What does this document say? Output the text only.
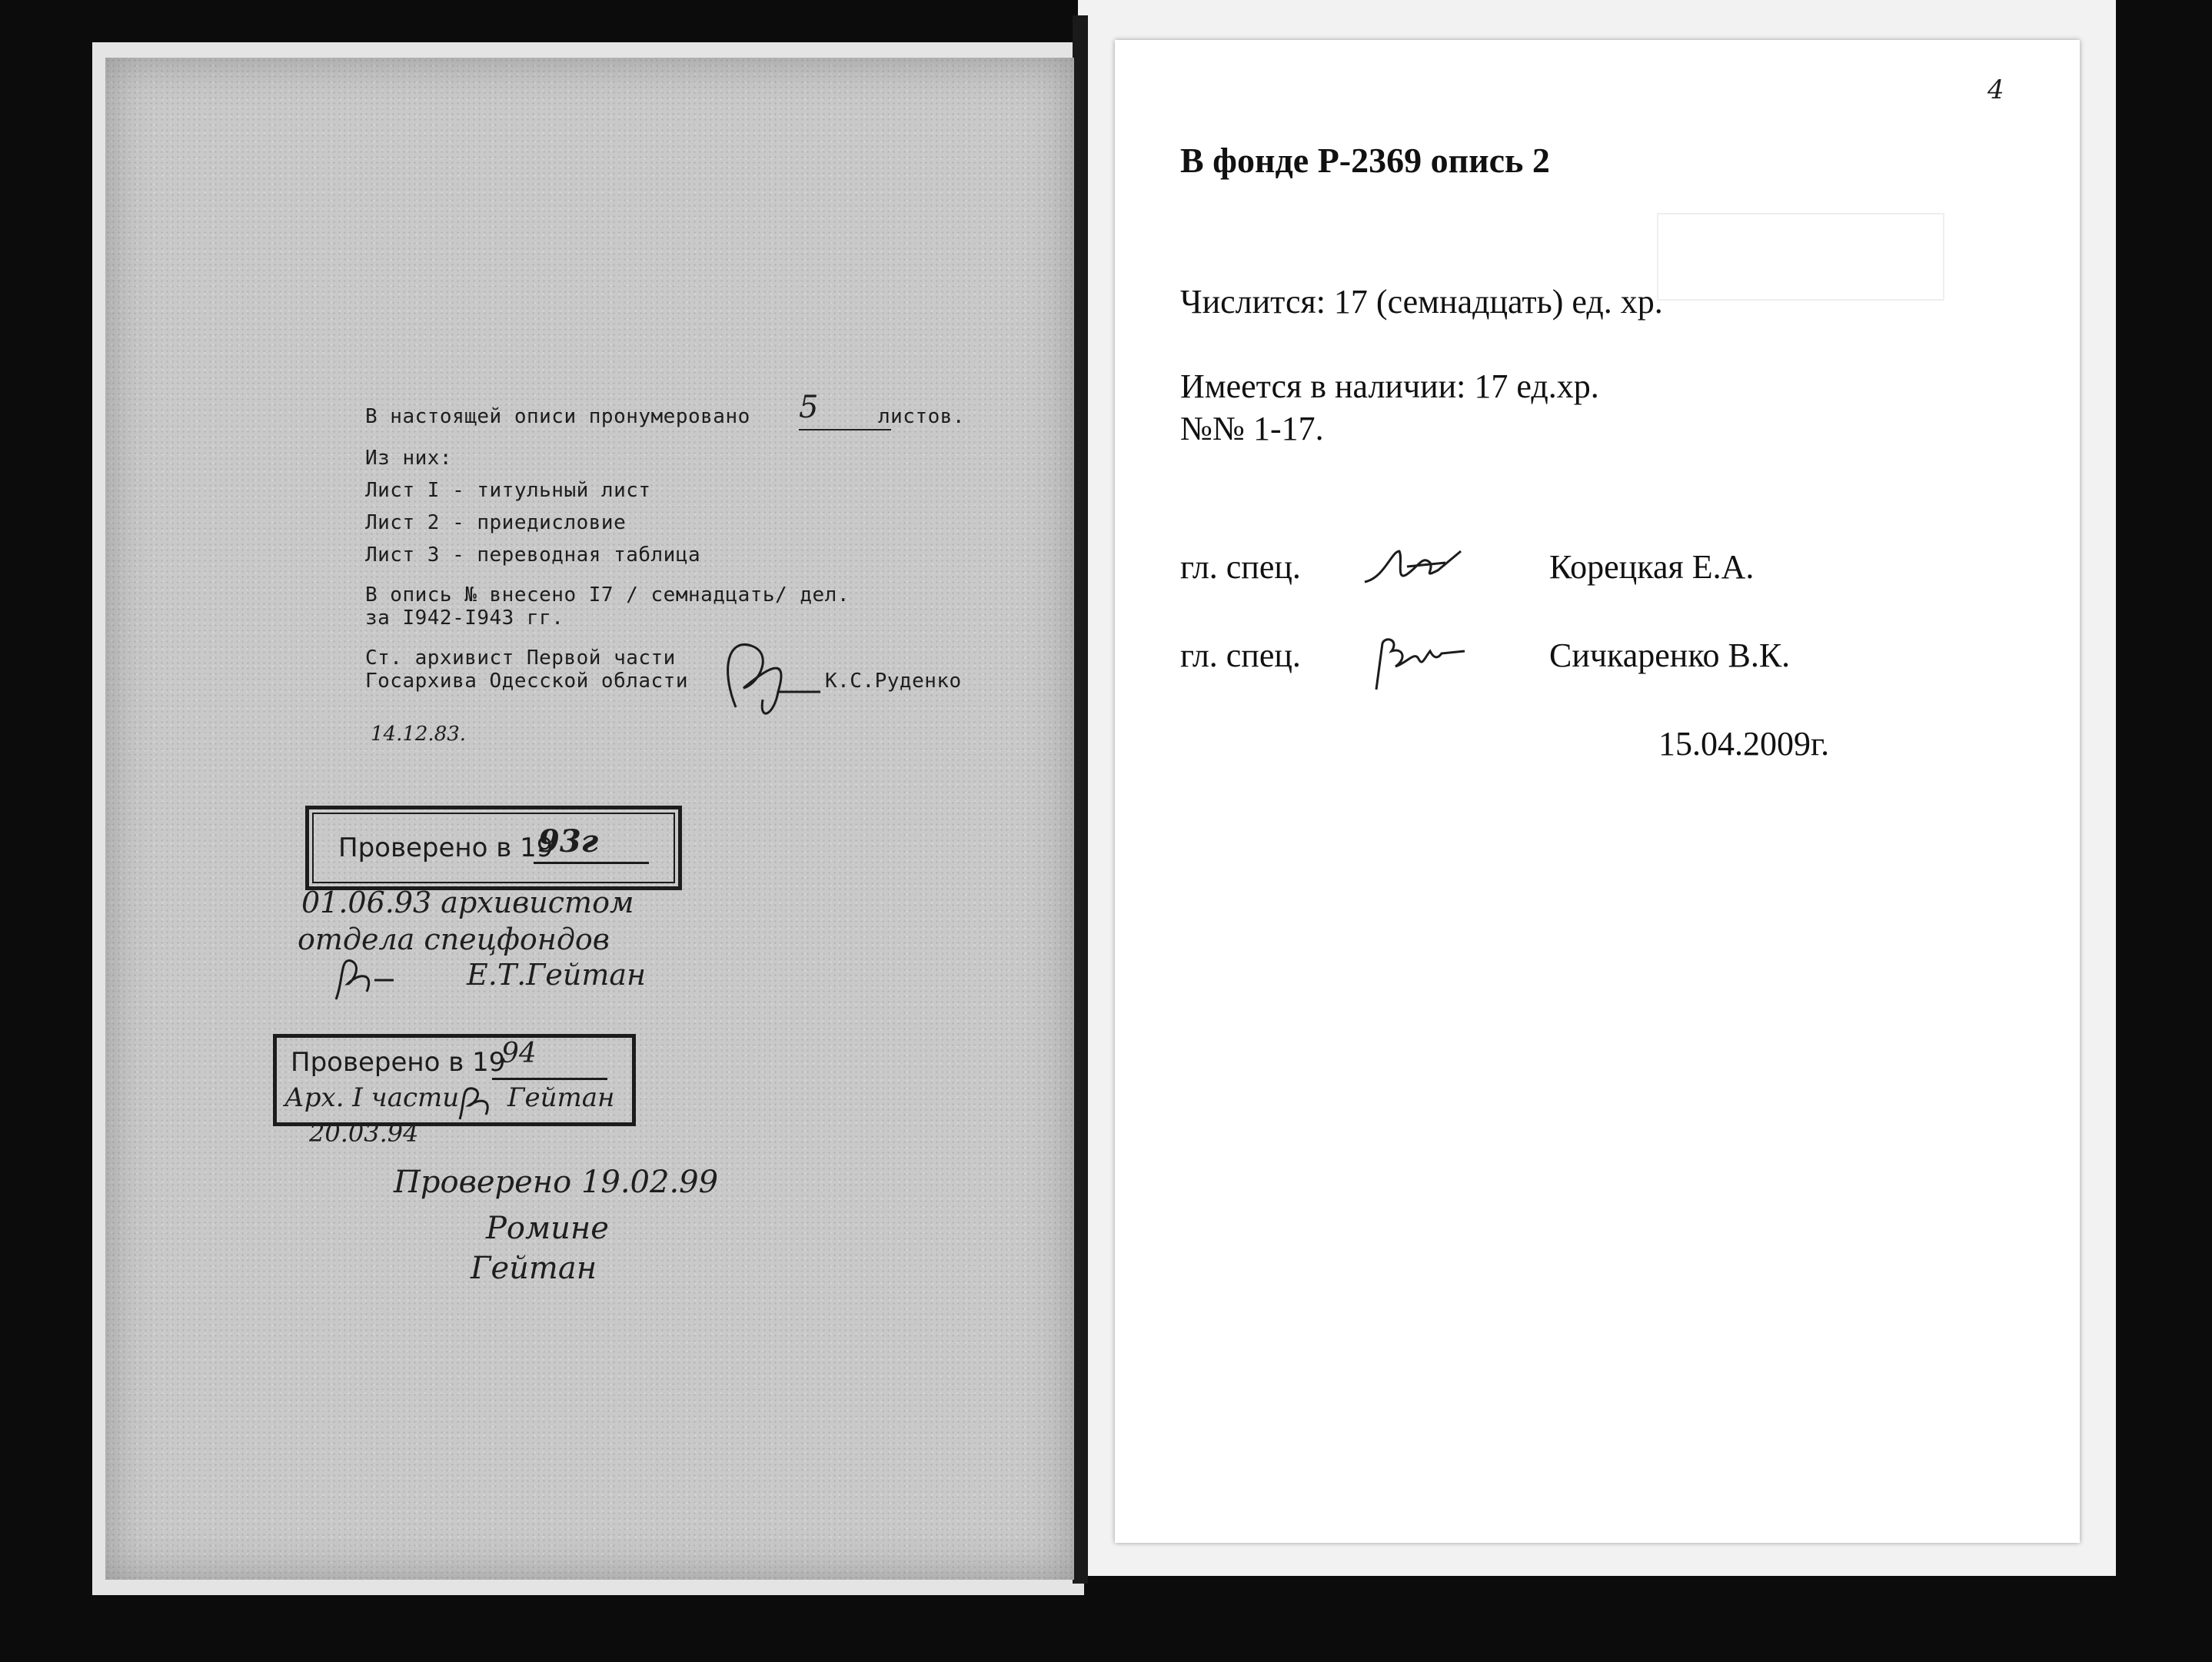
В настоящей описи пронумеровано 5	листов.
Из них:
Лист I - титульный лист
Лист 2 - приедисловие
Лист 3 - переводная таблица
В опись № внесено I7 / семнадцать/ дел.
за I942-I943 гг.
Ст. архивист Первой части
Госархива Одесской области	К.С.Руденко
14.12.83.
Проверено в 19
93г
01.06.93 архивистом
отдела спецфондов
Е.Т.Гейтан
Проверено в 19
94
Арх. I части Гейтан
20.03.94
Проверено 19.02.99
Ромине
Гейтан
4
В фонде Р-2369 опись 2
Числится: 17 (семнадцать) ед. хр.
Имеется в наличии: 17 ед.хр.
№№ 1-17.
гл. спец.	Корецкая Е.А.
гл. спец.	Сичкаренко В.К.
15.04.2009г.
